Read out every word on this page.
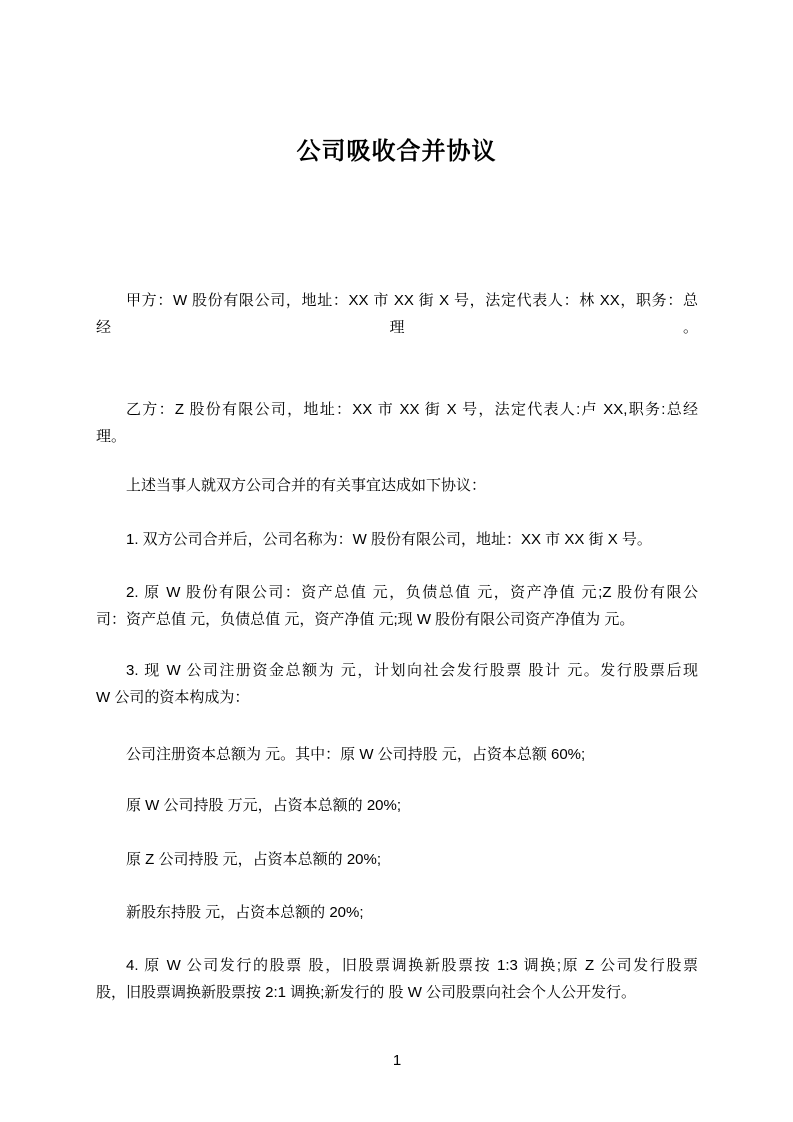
公司吸收合并协议
甲方：W 股份有限公司，地址：XX 市 XX 街 X 号，法定代表人：林 XX，职务：总
经	理	。
乙方：Z 股份有限公司，地址：XX 市 XX 街 X 号，法定代表人:卢 XX,职务:总经
理。
上述当事人就双方公司合并的有关事宜达成如下协议：
1. 双方公司合并后，公司名称为：W 股份有限公司，地址：XX 市 XX 街 X 号。
2. 原 W 股份有限公司：资产总值 元，负债总值 元，资产净值 元;Z 股份有限公
司：资产总值 元，负债总值 元，资产净值 元;现 W 股份有限公司资产净值为 元。
3. 现 W 公司注册资金总额为 元，计划向社会发行股票 股计 元。发行股票后现
W 公司的资本构成为：
公司注册资本总额为 元。其中：原 W 公司持股 元，占资本总额 60%;
原 W 公司持股 万元，占资本总额的 20%;
原 Z 公司持股 元，占资本总额的 20%;
新股东持股 元，占资本总额的 20%;
4. 原 W 公司发行的股票 股，旧股票调换新股票按 1:3 调换;原 Z 公司发行股票
股，旧股票调换新股票按 2:1 调换;新发行的 股 W 公司股票向社会个人公开发行。
1
